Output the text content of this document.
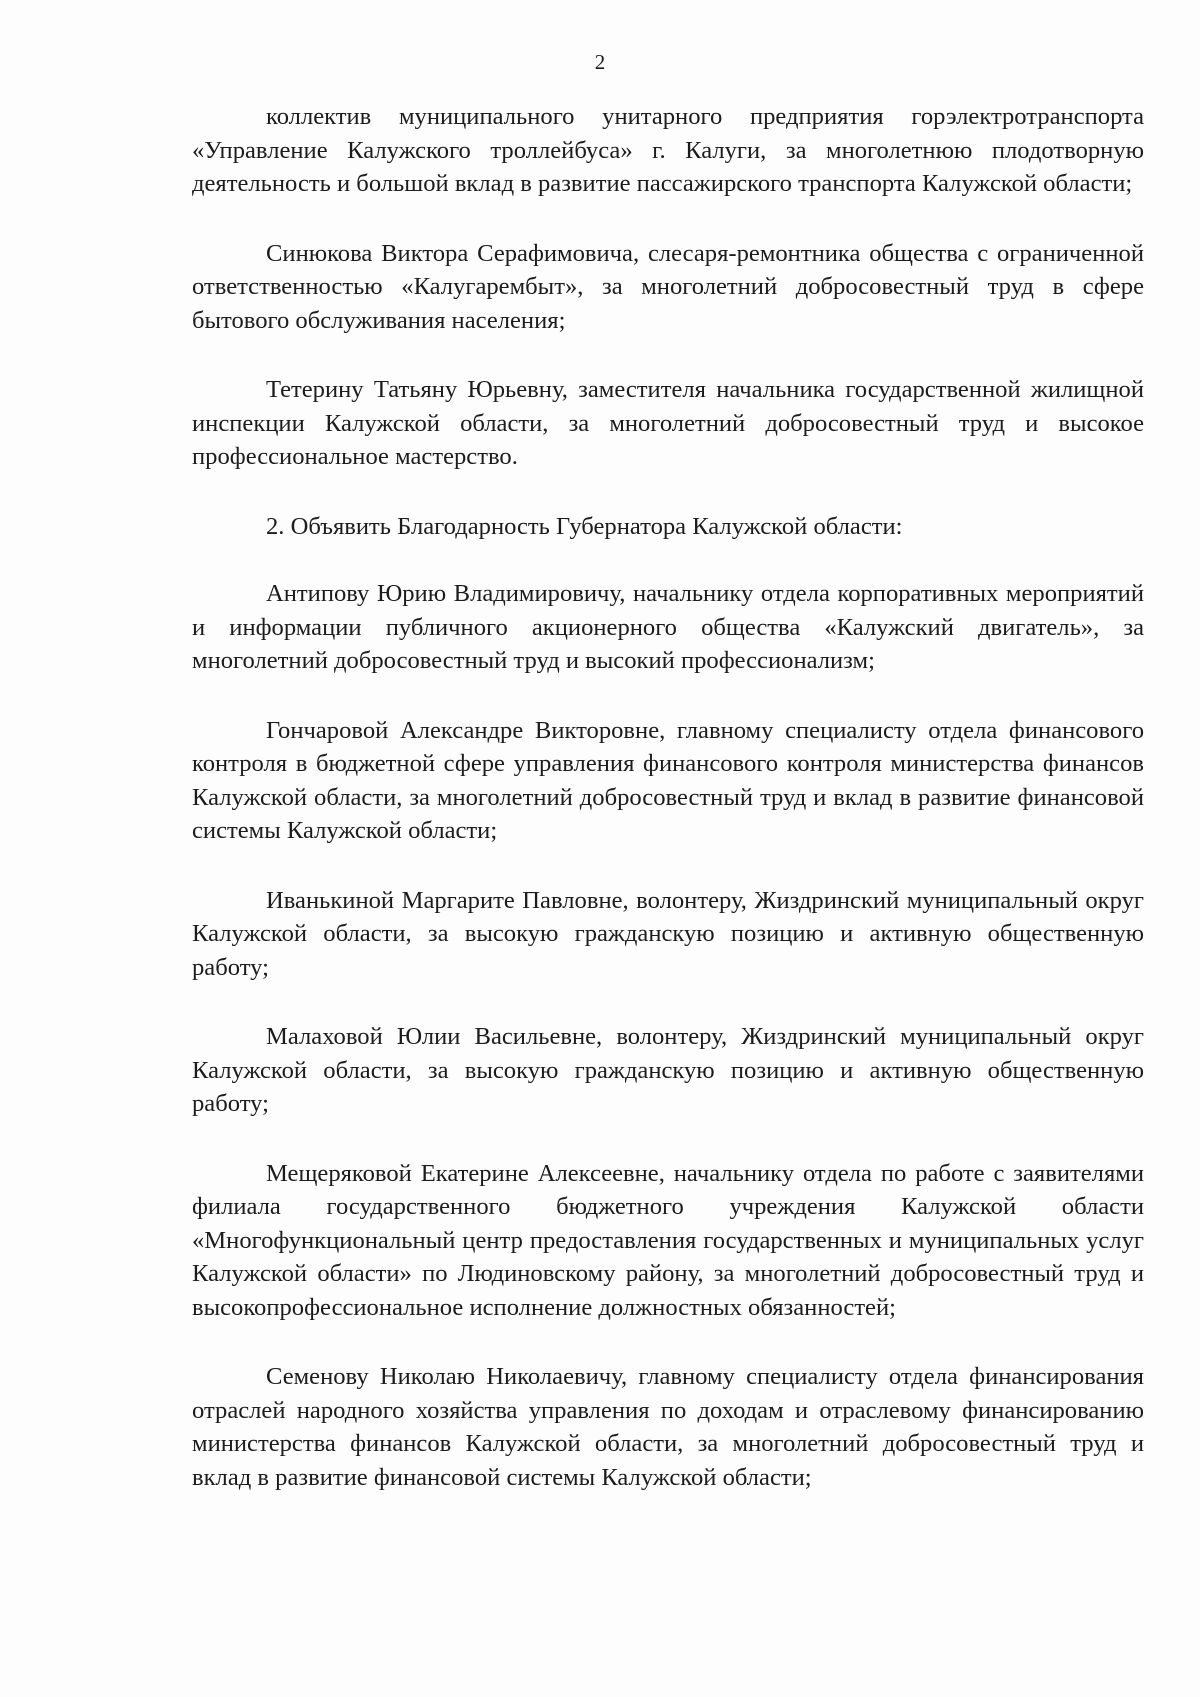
2

коллектив муниципального унитарного предприятия горэлектротранспорта «Управление Калужского троллейбуса» г. Калуги, за многолетнюю плодотворную деятельность и большой вклад в развитие пассажирского транспорта Калужской области;

Синюкова Виктора Серафимовича, слесаря-ремонтника общества с ограниченной ответственностью «Калугарембыт», за многолетний добросовестный труд в сфере бытового обслуживания населения;

Тетерину Татьяну Юрьевну, заместителя начальника государственной жилищной инспекции Калужской области, за многолетний добросовестный труд и высокое профессиональное мастерство.

2. Объявить Благодарность Губернатора Калужской области:

Антипову Юрию Владимировичу, начальнику отдела корпоративных мероприятий и информации публичного акционерного общества «Калужский двигатель», за многолетний добросовестный труд и высокий профессионализм;

Гончаровой Александре Викторовне, главному специалисту отдела финансового контроля в бюджетной сфере управления финансового контроля министерства финансов Калужской области, за многолетний добросовестный труд и вклад в развитие финансовой системы Калужской области;

Иванькиной Маргарите Павловне, волонтеру, Жиздринский муниципальный округ Калужской области, за высокую гражданскую позицию и активную общественную работу;

Малаховой Юлии Васильевне, волонтеру, Жиздринский муниципальный округ Калужской области, за высокую гражданскую позицию и активную общественную работу;

Мещеряковой Екатерине Алексеевне, начальнику отдела по работе с заявителями филиала государственного бюджетного учреждения Калужской области «Многофункциональный центр предоставления государственных и муниципальных услуг Калужской области» по Людиновскому району, за многолетний добросовестный труд и высокопрофессиональное исполнение должностных обязанностей;

Семенову Николаю Николаевичу, главному специалисту отдела финансирования отраслей народного хозяйства управления по доходам и отраслевому финансированию министерства финансов Калужской области, за многолетний добросовестный труд и вклад в развитие финансовой системы Калужской области;
